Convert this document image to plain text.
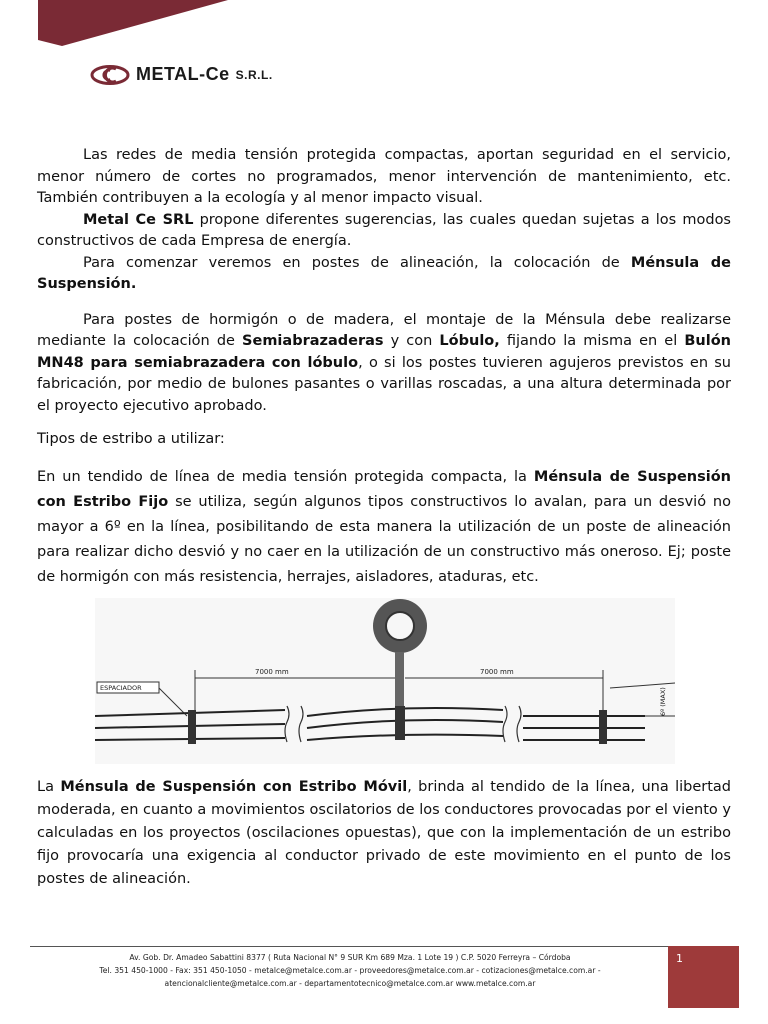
METAL-Ce S.R.L.

Las redes de media tensión protegida compactas, aportan seguridad en el servicio, menor número de cortes no programados, menor intervención de mantenimiento, etc. También contribuyen a la ecología y al menor impacto visual.

Metal Ce SRL propone diferentes sugerencias, las cuales quedan sujetas a los modos constructivos de cada Empresa de energía.

Para comenzar veremos en postes de alineación, la colocación de Ménsula de Suspensión.

Para postes de hormigón o de madera, el montaje de la Ménsula debe realizarse mediante la colocación de Semiabrazaderas y con Lóbulo, fijando la misma en el Bulón MN48 para semiabrazadera con lóbulo, o si los postes tuvieren agujeros previstos en su fabricación, por medio de bulones pasantes o varillas roscadas, a una altura determinada por el proyecto ejecutivo aprobado.

Tipos de estribo a utilizar:

En un tendido de línea de media tensión protegida compacta, la Ménsula de Suspensión con Estribo Fijo se utiliza, según algunos tipos constructivos lo avalan, para un desvió no mayor a 6º en la línea, posibilitando de esta manera la utilización de un poste de alineación para realizar dicho desvió y no caer en la utilización de un constructivo más oneroso. Ej; poste de hormigón con más resistencia, herrajes, aisladores, ataduras, etc.

7000 mm	7000 mm
ESPACIADOR	6º (MAX)

La Ménsula de Suspensión con Estribo Móvil, brinda al tendido de la línea, una libertad moderada, en cuanto a movimientos oscilatorios de los conductores provocadas por el viento y calculadas en los proyectos (oscilaciones opuestas), que con la implementación de un estribo fijo provocaría una exigencia al conductor privado de este movimiento en el punto de los postes de alineación.

Av. Gob. Dr. Amadeo Sabattini 8377 ( Ruta Nacional N° 9 SUR Km 689 Mza. 1 Lote 19 ) C.P. 5020 Ferreyra – Córdoba
Tel. 351 450-1000 - Fax: 351 450-1050 - metalce@metalce.com.ar - proveedores@metalce.com.ar - cotizaciones@metalce.com.ar -
atencionalcliente@metalce.com.ar - departamentotecnico@metalce.com.ar www.metalce.com.ar
1
